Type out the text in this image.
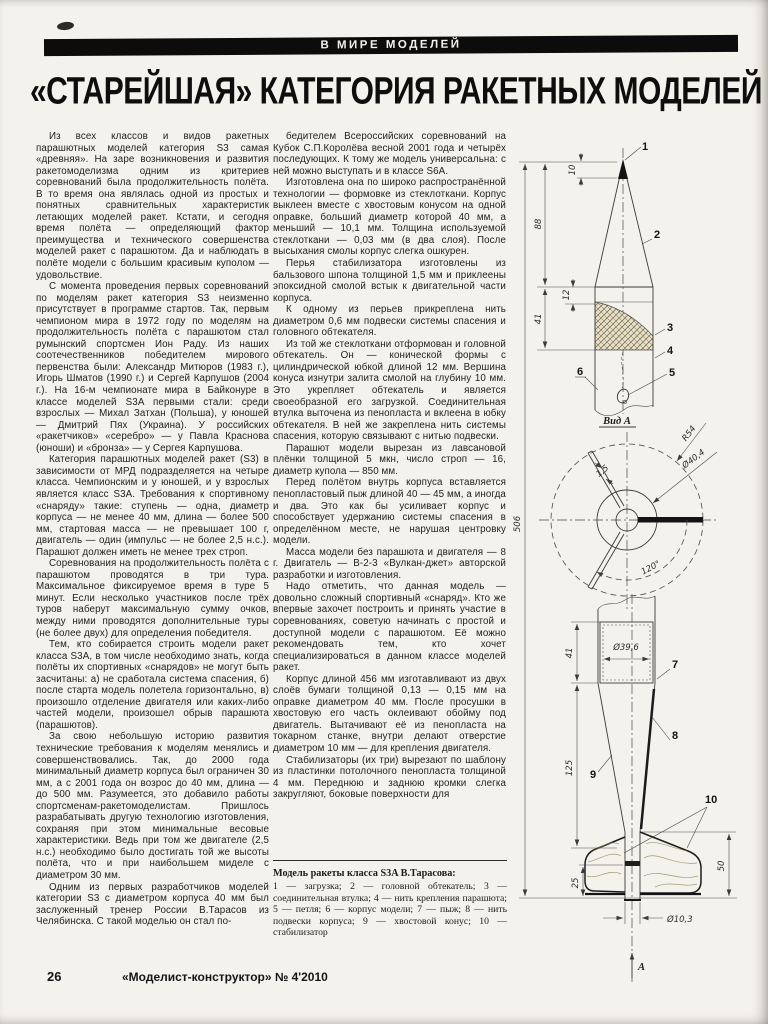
В МИРЕ МОДЕЛЕЙ
«СТАРЕЙШАЯ» КАТЕГОРИЯ РАКЕТНЫХ МОДЕЛЕЙ

Из всех классов и видов ракетных парашютных моделей категория S3 самая «древняя». На заре возникновения и развития ракетомоделизма одним из критериев соревнований была продолжительность полёта. В то время она являлась одной из простых и понятных сравнительных характеристик летающих моделей ракет. Кстати, и сегодня время полёта — определяющий фактор преимущества и технического совершенства моделей ракет с парашютом. Да и наблюдать в полёте модели с большим красивым куполом — удовольствие.

С момента проведения первых соревнований по моделям ракет категория S3 неизменно присутствует в программе стартов. Так, первым чемпионом мира в 1972 году по моделям на продолжительность полёта с парашютом стал румынский спортсмен Ион Раду. Из наших соотечественников победителем мирового первенства были: Александр Митюров (1983 г.), Игорь Шматов (1990 г.) и Сергей Карпушов (2004 г.). На 16-м чемпионате мира в Байконуре в классе моделей S3A первыми стали: среди взрослых — Михал Затхан (Польша), у юношей — Дмитрий Пях (Украина). У российских «ракетчиков» «серебро» — у Павла Краснова (юноши) и «бронза» — у Сергея Карпушова.

Категория парашютных моделей ракет (S3) в зависимости от МРД подразделяется на четыре класса. Чемпионским и у юношей, и у взрослых является класс S3A. Требования к спортивному «снаряду» такие: ступень — одна, диаметр корпуса — не менее 40 мм, длина — более 500 мм, стартовая масса — не превышает 100 г, двигатель — один (импульс — не более 2,5 н.с.). Парашют должен иметь не менее трех строп.

Соревнования на продолжительность полёта с парашютом проводятся в три тура. Максимальное фиксируемое время в туре 5 минут. Если несколько участников после трёх туров наберут максимальную сумму очков, между ними проводятся дополнительные туры (не более двух) для определения победителя.

Тем, кто собирается строить модели ракет класса S3A, в том числе необходимо знать, когда полёты их спортивных «снарядов» не могут быть засчитаны: а) не сработала система спасения, б) после старта модель полетела горизонтально, в) произошло отделение двигателя или каких-либо частей модели, произошел обрыв парашюта (парашютов).

За свою небольшую историю развития технические требования к моделям менялись и совершенствовались. Так, до 2000 года минимальный диаметр корпуса был ограничен 30 мм, а с 2001 года он возрос до 40 мм, длина — до 500 мм. Разумеется, это добавило работы спортсменам-ракетомоделистам. Пришлось разрабатывать другую технологию изготовления, сохраняя при этом минимальные весовые характеристики. Ведь при том же двигателе (2,5 н.с.) необходимо было достигать той же высоты полёта, что и при наибольшем миделе с диаметром 30 мм.

Одним из первых разработчиков моделей категории S3 с диаметром корпуса 40 мм был заслуженный тренер России В.Тарасов из Челябинска. С такой моделью он стал по-

бедителем Всероссийских соревнований на Кубок С.П.Королёва весной 2001 года и четырёх последующих. К тому же модель универсальна: с ней можно выступать и в классе S6A.

Изготовлена она по широко распространённой технологии — формовке из стеклоткани. Корпус выклеен вместе с хвостовым конусом на одной оправке, больший диаметр которой 40 мм, а меньший — 10,1 мм. Толщина используемой стеклоткани — 0,03 мм (в два слоя). После высыхания смолы корпус слегка ошкурен.

Перья стабилизатора изготовлены из бальзового шпона толщиной 1,5 мм и приклеены эпоксидной смолой встык к двигательной части корпуса.

К одному из перьев прикреплена нить диаметром 0,6 мм подвески системы спасения и головного обтекателя.

Из той же стеклоткани отформован и головной обтекатель. Он — конической формы с цилиндрической юбкой длиной 12 мм. Вершина конуса изнутри залита смолой на глубину 10 мм. Это укрепляет обтекатель и является своеобразной его загрузкой. Соединительная втулка выточена из пенопласта и вклеена в юбку обтекателя. В ней же закреплена нить системы спасения, которую связывают с нитью подвески.

Парашют модели вырезан из лавсановой плёнки толщиной 5 мкн, число строп — 16, диаметр купола — 850 мм.

Перед полётом внутрь корпуса вставляется пенопластовый пыж длиной 40 — 45 мм, а иногда и два. Это как бы усиливает корпус и способствует удержанию системы спасения в определённом месте, не нарушая центровку модели.

Масса модели без парашюта и двигателя — 8 г. Двигатель — В-2-3 «Вулкан-джет» авторской разработки и изготовления.

Надо отметить, что данная модель — довольно сложный спортивный «снаряд». Кто же впервые захочет построить и принять участие в соревнованиях, советую начинать с простой и доступной модели с парашютом. Её можно рекомендовать тем, кто хочет специализироваться в данном классе моделей ракет.

Корпус длиной 456 мм изготавливают из двух слоёв бумаги толщиной 0,13 — 0,15 мм на оправке диаметром 40 мм. После просушки в хвостовую его часть оклеивают обойму под двигатель. Вытачивают её из пенопласта на токарном станке, внутри делают отверстие диаметром 10 мм — для крепления двигателя.

Стабилизаторы (их три) вырезают по шаблону из пластинки потолочного пенопласта толщиной 4 мм. Переднюю и заднюю кромки слегка закругляют, боковые поверхности для

1
2
3
4
5
6
10
88
12
41
506
Вид А
1,5
R54
Ø40,4
120°
Ø39,6
41
125
7
8
9
10
25
50
Ø10,3
А

Модель ракеты класса S3A В.Тарасова:

1 — загрузка; 2 — головной обтекатель; 3 — соединительная втулка; 4 — нить крепления парашюта; 5 — петля; 6 — корпус модели; 7 — пыж; 8 — нить подвески корпуса; 9 — хвостовой конус; 10 — стабилизатор

26	«Моделист-конструктор» № 4'2010
